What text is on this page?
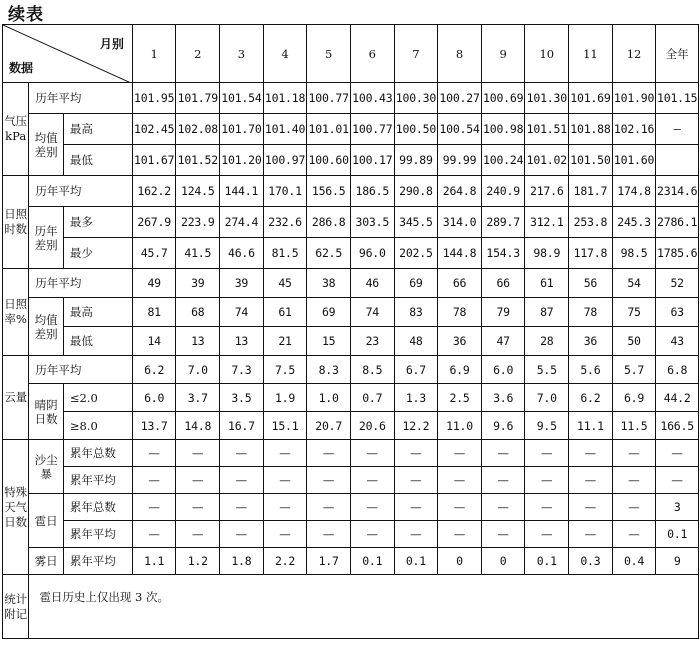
续表
月别
数据			1	2	3	4	5	6	7	8	9	10	11	12	全年
气压 kPa	历年平均		101.95	101.79	101.54	101.18	100.77	100.43	100.30	100.27	100.69	101.30	101.69	101.90	101.15
	均值差别	最高	102.45	102.08	101.70	101.40	101.01	100.77	100.50	100.54	100.98	101.51	101.88	102.16	—
		最低	101.67	101.52	101.20	100.97	100.60	100.17	99.89	99.99	100.24	101.02	101.50	101.60	
日照时数	历年平均		162.2	124.5	144.1	170.1	156.5	186.5	290.8	264.8	240.9	217.6	181.7	174.8	2314.6
	历年差别	最多	267.9	223.9	274.4	232.6	286.8	303.5	345.5	314.0	289.7	312.1	253.8	245.3	2786.1
		最少	45.7	41.5	46.6	81.5	62.5	96.0	202.5	144.8	154.3	98.9	117.8	98.5	1785.6
日照率%	历年平均		49	39	39	45	38	46	69	66	66	61	56	54	52
	均值差别	最高	81	68	74	61	69	74	83	78	79	87	78	75	63
		最低	14	13	13	21	15	23	48	36	47	28	36	50	43
云量	历年平均		6.2	7.0	7.3	7.5	8.3	8.5	6.7	6.9	6.0	5.5	5.6	5.7	6.8
	晴阴日数	≤2.0	6.0	3.7	3.5	1.9	1.0	0.7	1.3	2.5	3.6	7.0	6.2	6.9	44.2
		≥8.0	13.7	14.8	16.7	15.1	20.7	20.6	12.2	11.0	9.6	9.5	11.1	11.5	166.5
特殊天气日数	沙尘暴	累年总数	—	—	—	—	—	—	—	—	—	—	—	—	—
		累年平均	—	—	—	—	—	—	—	—	—	—	—	—	—
	雹日	累年总数	—	—	—	—	—	—	—	—	—	—	—	—	3
		累年平均	—	—	—	—	—	—	—	—	—	—	—	—	0.1
	雾日	累年平均	1.1	1.2	1.8	2.2	1.7	0.1	0.1	0	0	0.1	0.3	0.4	9
统计附记	雹日历史上仅出现 3 次。														
